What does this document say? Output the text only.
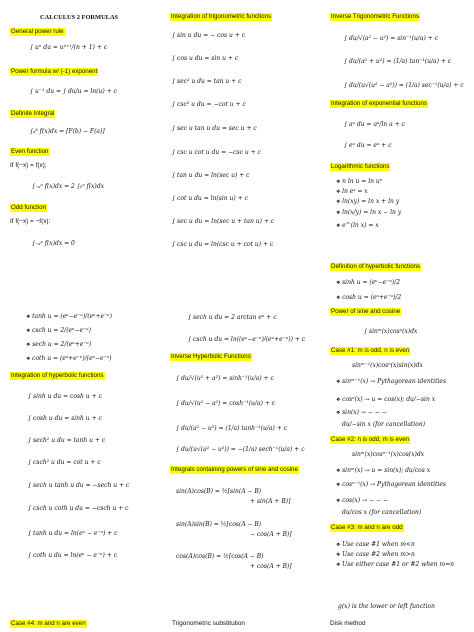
CALCULUS 2 FORMULAS
General power rule
∫ uⁿ du = uⁿ⁺¹/(n + 1) + c
Power formula w/ (-1) exponent
∫ u⁻¹ du = ∫ du/u = ln(u) + c
Definite Integral
∫ₐᵇ f(x)dx = [F(b) − F(a)]
Even function
If f(−x) = f(x);
∫₋ₐᵃ f(x)dx = 2 ∫₀ᵃ f(x)dx
Odd function
If f(−x) = −f(x):
∫₋ₐᵃ f(x)dx = 0
❖ tanh u = (eᵘ−e⁻ᵘ)/(eᵘ+e⁻ᵘ)
❖ csch u = 2/(eᵘ−e⁻ᵘ)
❖ sech u = 2/(eᵘ+e⁻ᵘ)
❖ coth u = (eᵘ+e⁻ᵘ)/(eᵘ−e⁻ᵘ)
Integration of hyperbolic functions
∫ sinh u du = cosh u + c
∫ cosh u du = sinh u + c
∫ sech² u du = tanh u + c
∫ csch² u du = cot u + c
∫ sech u tanh u du = −sech u + c
∫ csch u coth u du = −csch u + c
∫ tanh u du = ln(eᵘ − e⁻ᵘ) + c
∫ coth u du = ln(eᵘ − e⁻ᵘ) + c
Case #4: m and n are even
Integration of trigonometric functions
∫ sin u du = − cos u + c
∫ cos u du = sin u + c
∫ sec² u du = tan u + c
∫ csc² u du = −cot u + c
∫ sec u tan u du = sec u + c
∫ csc u cot u du = −csc u + c
∫ tan u du = ln(sec u) + c
∫ cot u du = ln(sin u) + c
∫ sec u du = ln(sec u + tan u) + c
∫ csc u du = ln(csc u + cot u) + c
∫ sech u du = 2 arctan eᵘ + c
∫ csch u du = ln((eᵘ−e⁻ᵘ)/(eᵘ+e⁻ᵘ)) + c
Inverse Hyperbolic Functions
∫ du/√(u² + a²) = sinh⁻¹(u/a) + c
∫ du/√(u² − a²) = cosh⁻¹(u/a) + c
∫ du/(a² − u²) = (1/a) tanh⁻¹(u/a) + c
∫ du/(u√(a² − u²)) = −(1/a) sech⁻¹(u/a) + c
Integrals containing powers of sine and cosine
sin(A)cos(B) = ½[sin(A − B)
+ sin(A + B)]
sin(A)sin(B) = ½[cos(A − B)
− cos(A + B)]
cos(A)cos(B) = ½[cos(A − B)
+ cos(A + B)]
Trigonometric substitution
Inverse Trigonometric Functions
∫ du/√(a² − u²) = sin⁻¹(u/a) + c
∫ du/(a² + u²) = (1/a) tan⁻¹(u/a) + c
∫ du/(u√(u² − a²)) = (1/a) sec⁻¹(u/a) + c
Integration of exponential functions
∫ aᵘ du = aᵘ/ln a + c
∫ eᵘ du = eᵘ + c
Logarithmic functions
❖ n ln u = ln uⁿ
❖ ln eˣ = x
❖ ln(xy) = ln x + ln y
❖ ln(x/y) = ln x − ln y
❖ e^(ln x) = x
Definition of hyperbolic functions
❖ sinh u = (eᵘ−e⁻ᵘ)/2
❖ cosh u = (eᵘ+e⁻ᵘ)/2
Power of sine and cosine
∫ sinᵐ(x)cosⁿ(x)dx
Case #1: m is odd, n is even
sinᵐ⁻¹(x)cosⁿ(x)sin(x)dx
❖ sinᵐ⁻¹(x) → Pythagorean identities
❖ cosⁿ(x) → u = cos(x); du/−sin x
❖ sin(x) → − − −
du/−sin x (for cancellation)
Case #2: n is odd, m is even
sinᵐ(x)cosⁿ⁻¹(x)cos(x)dx
❖ sinᵐ(x) → u = sin(x); du/cos x
❖ cosⁿ⁻¹(x) → Pythagorean identities
❖ cos(x) → − − −
du/cos x (for cancellation)
Case #3: m and n are odd
❖ Use case #1 when m<n
❖ Use case #2 when m>n
❖ Use either case #1 or #2 when m=n
Disk method
g(x) is the lower or left function
